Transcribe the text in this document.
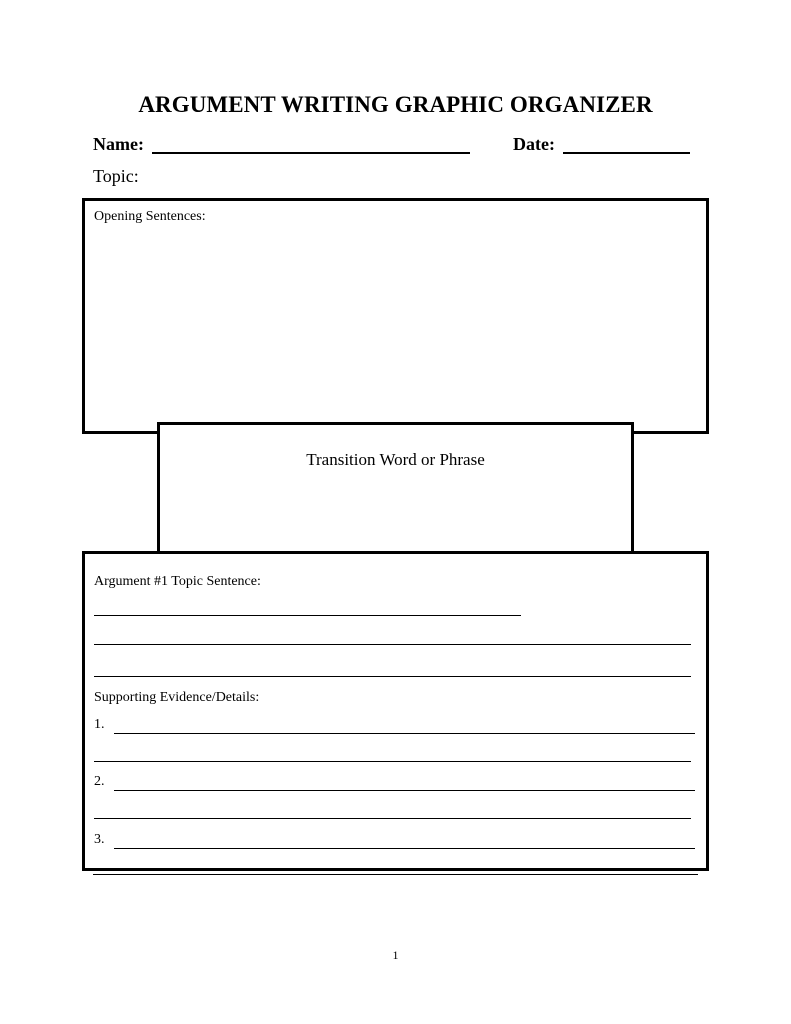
ARGUMENT WRITING GRAPHIC ORGANIZER
Name:	Date:
Topic:
Opening Sentences:
Transition Word or Phrase
Argument #1 Topic Sentence:
Supporting Evidence/Details:
1.
2.
3.
1
